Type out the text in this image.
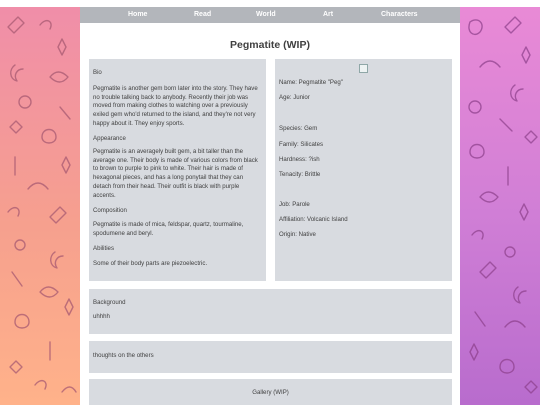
Home	Read	World	Art	Characters
Pegmatite (WIP)
Bio
Pegmatite is another gem born later into the story. They have no trouble talking back to anybody. Recently their job was moved from making clothes to watching over a previously exiled gem who'd returned to the island, and they're not very happy about it. They enjoy sports.
Appearance
Pegmatite is an averagely built gem, a bit taller than the average one. Their body is made of various colors from black to brown to purple to pink to white. Their hair is made of hexagonal pieces, and has a long ponytail that they can detach from their head. Their outfit is black with purple accents.
Composition
Pegmatite is made of mica, feldspar, quartz, tourmaline, spodumene and beryl.
Abilities
Some of their body parts are piezoelectric.
Name: Pegmatite "Peg"
Age: Junior
Species: Gem
Family: Silicates
Hardness: ?ish
Tenacity: Brittle
Job: Parole
Affiliation: Volcanic Island
Origin: Native
Background
uhhhh
thoughts on the others
Gallery (WIP)
